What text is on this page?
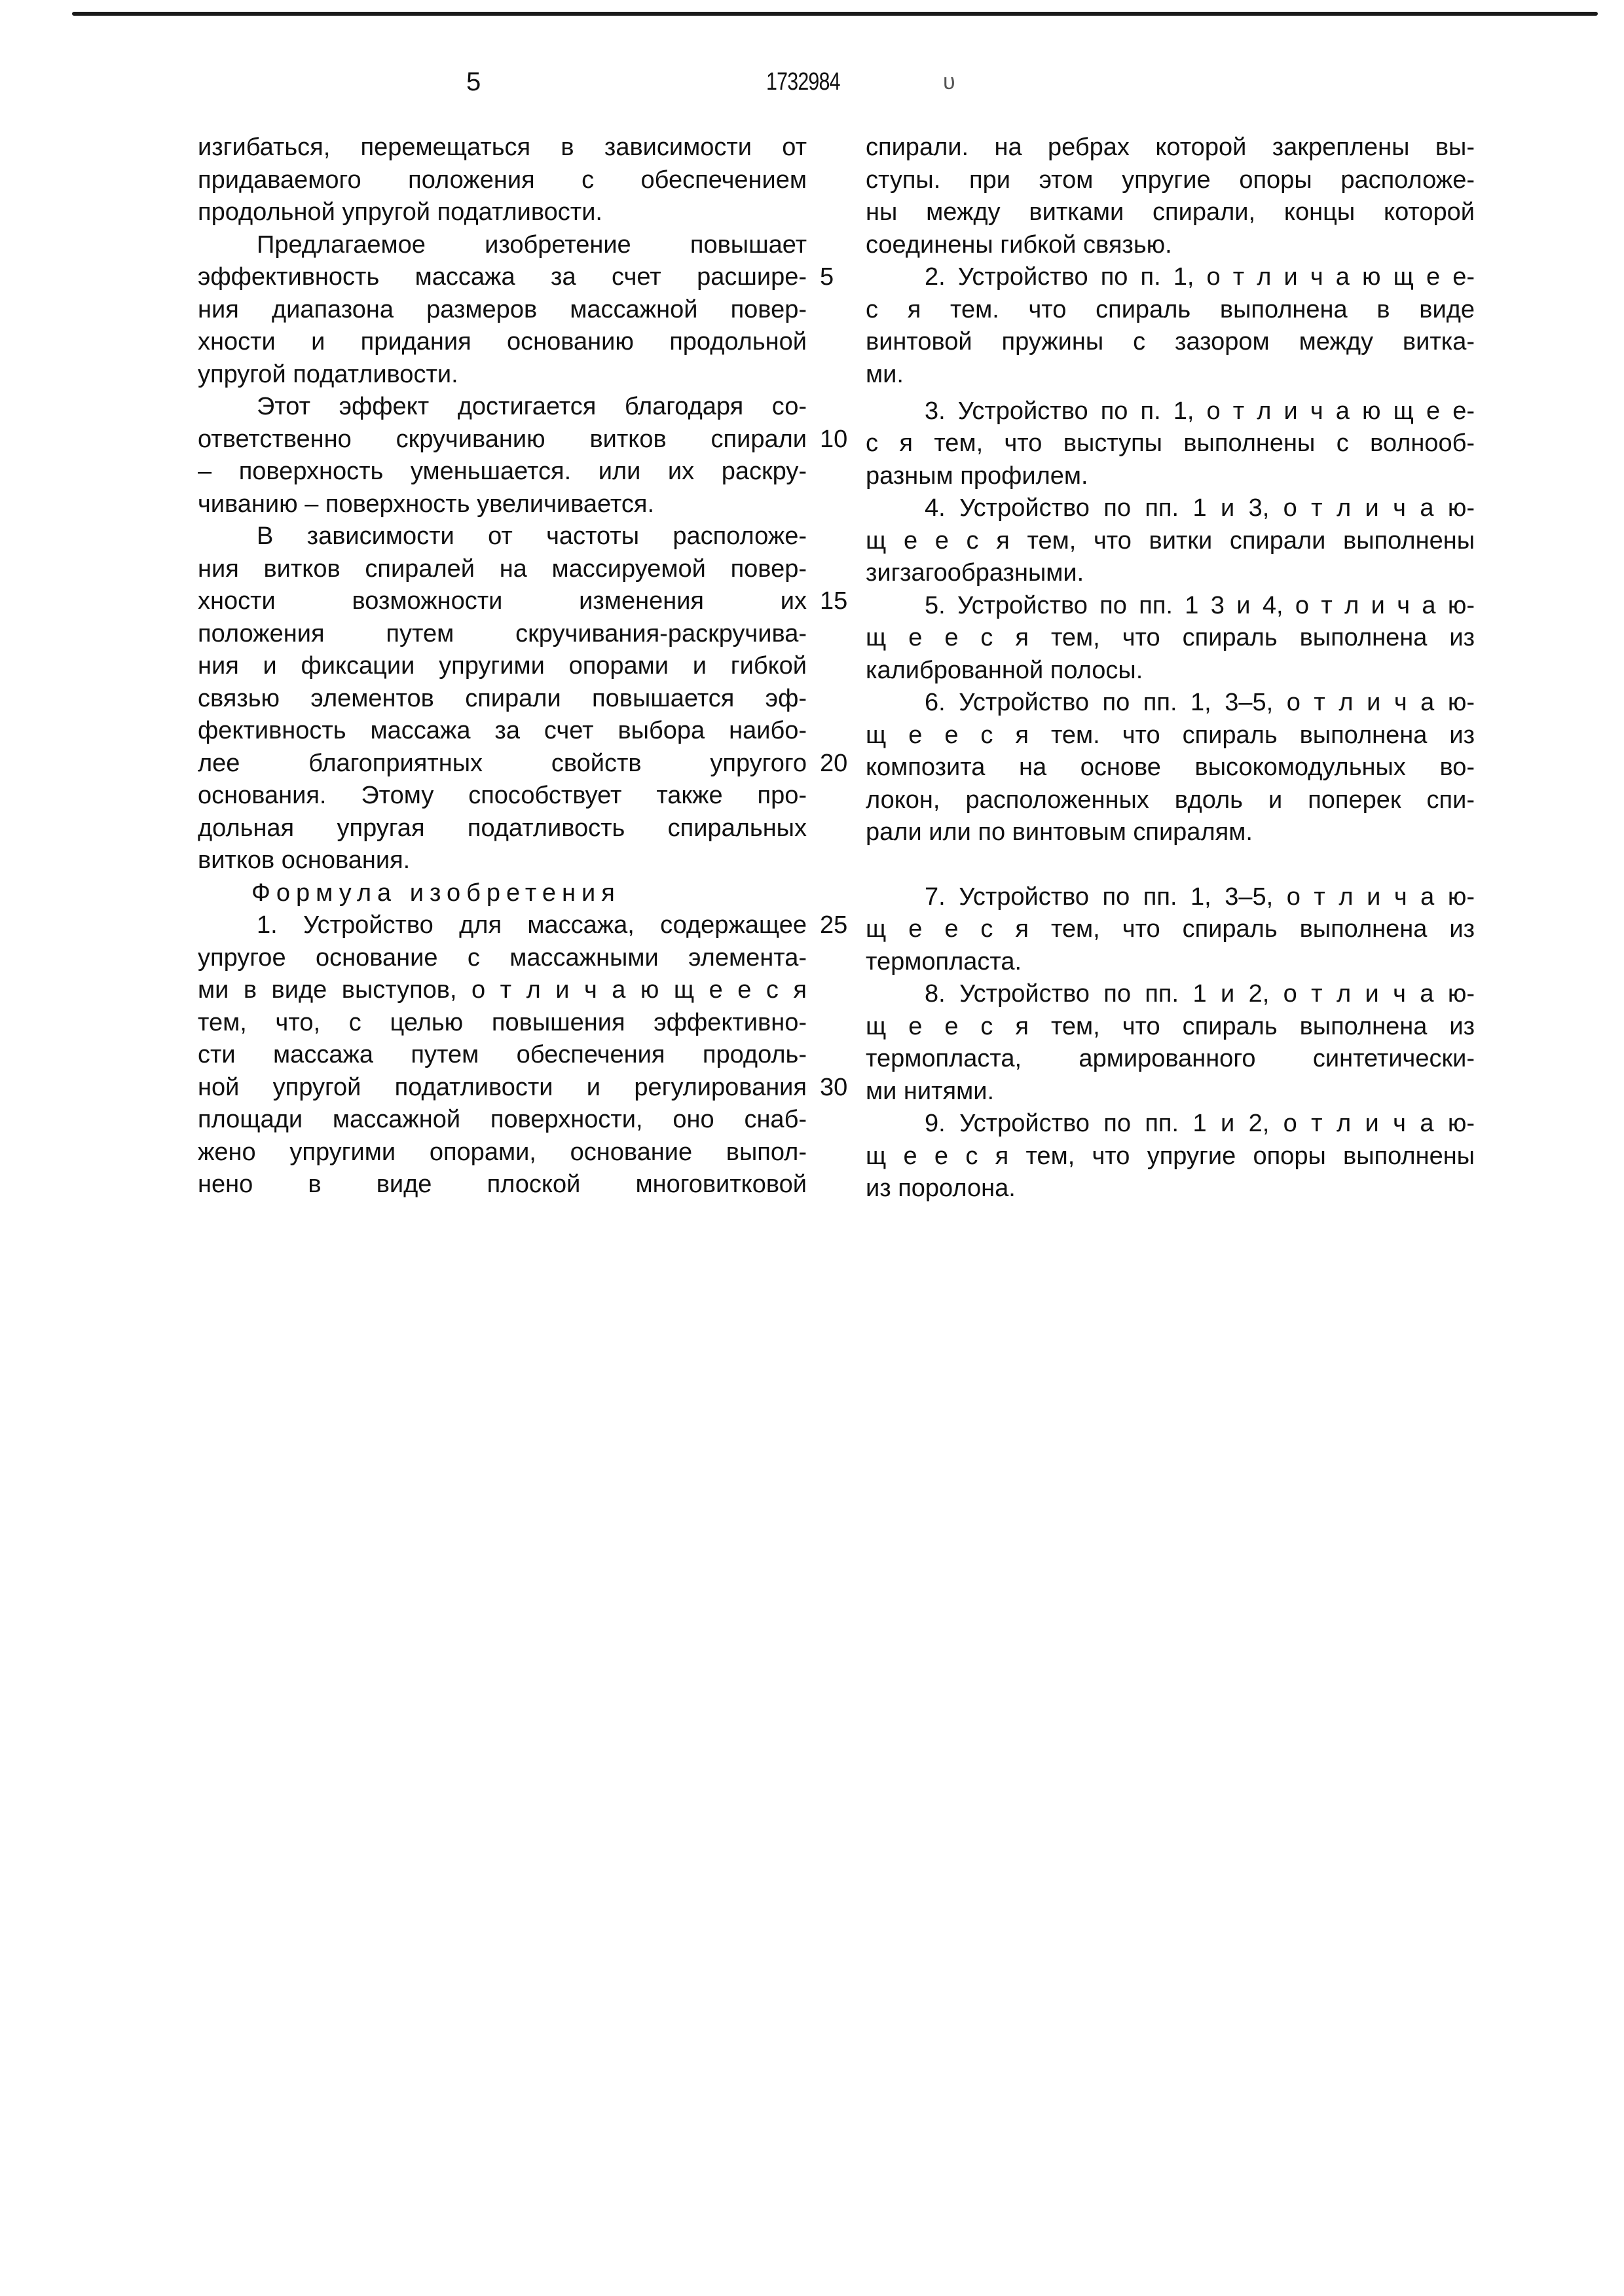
5	1732984	υ
изгибаться, перемещаться в зависимости от
придаваемого положения с обеспечением
продольной упругой податливости.
Предлагаемое изобретение повышает
эффективность массажа за счет расшире-
ния диапазона размеров массажной повер-
хности и придания основанию продольной
упругой податливости.
Этот эффект достигается благодаря со-
ответственно скручиванию витков спирали
– поверхность уменьшается. или их раскру-
чиванию – поверхность увеличивается.
В зависимости от частоты расположе-
ния витков спиралей на массируемой повер-
хности возможности изменения их
положения путем скручивания-раскручива-
ния и фиксации упругими опорами и гибкой
связью элементов спирали повышается эф-
фективность массажа за счет выбора наибо-
лее благоприятных свойств упругого
основания. Этому способствует также про-
дольная упругая податливость спиральных
витков основания.
Формула изобретения
1. Устройство для массажа, содержащее
упругое основание с массажными элемента-
ми в виде выступов, о т л и ч а ю щ е е с я
тем, что, с целью повышения эффективно-
сти массажа путем обеспечения продоль-
ной упругой податливости и регулирования
площади массажной поверхности, оно снаб-
жено упругими опорами, основание выпол-
нено в виде плоской многовитковой
5
10
15
20
25
30
спирали. на ребрах которой закреплены вы-
ступы. при этом упругие опоры расположе-
ны между витками спирали, концы которой
соединены гибкой связью.
2. Устройство по п. 1, о т л и ч а ю щ е е-
с я тем. что спираль выполнена в виде
винтовой пружины с зазором между витка-
ми.
3. Устройство по п. 1, о т л и ч а ю щ е е-
с я тем, что выступы выполнены с волнооб-
разным профилем.
4. Устройство по пп. 1 и 3, о т л и ч а ю-
щ е е с я тем, что витки спирали выполнены
зигзагообразными.
5. Устройство по пп. 1 3 и 4, о т л и ч а ю-
щ е е с я тем, что спираль выполнена из
калиброванной полосы.
6. Устройство по пп. 1, 3–5, о т л и ч а ю-
щ е е с я тем. что спираль выполнена из
композита на основе высокомодульных во-
локон, расположенных вдоль и поперек спи-
рали или по винтовым спиралям.
7. Устройство по пп. 1, 3–5, о т л и ч а ю-
щ е е с я тем, что спираль выполнена из
термопласта.
8. Устройство по пп. 1 и 2, о т л и ч а ю-
щ е е с я тем, что спираль выполнена из
термопласта, армированного синтетически-
ми нитями.
9. Устройство по пп. 1 и 2, о т л и ч а ю-
щ е е с я тем, что упругие опоры выполнены
из поролона.
